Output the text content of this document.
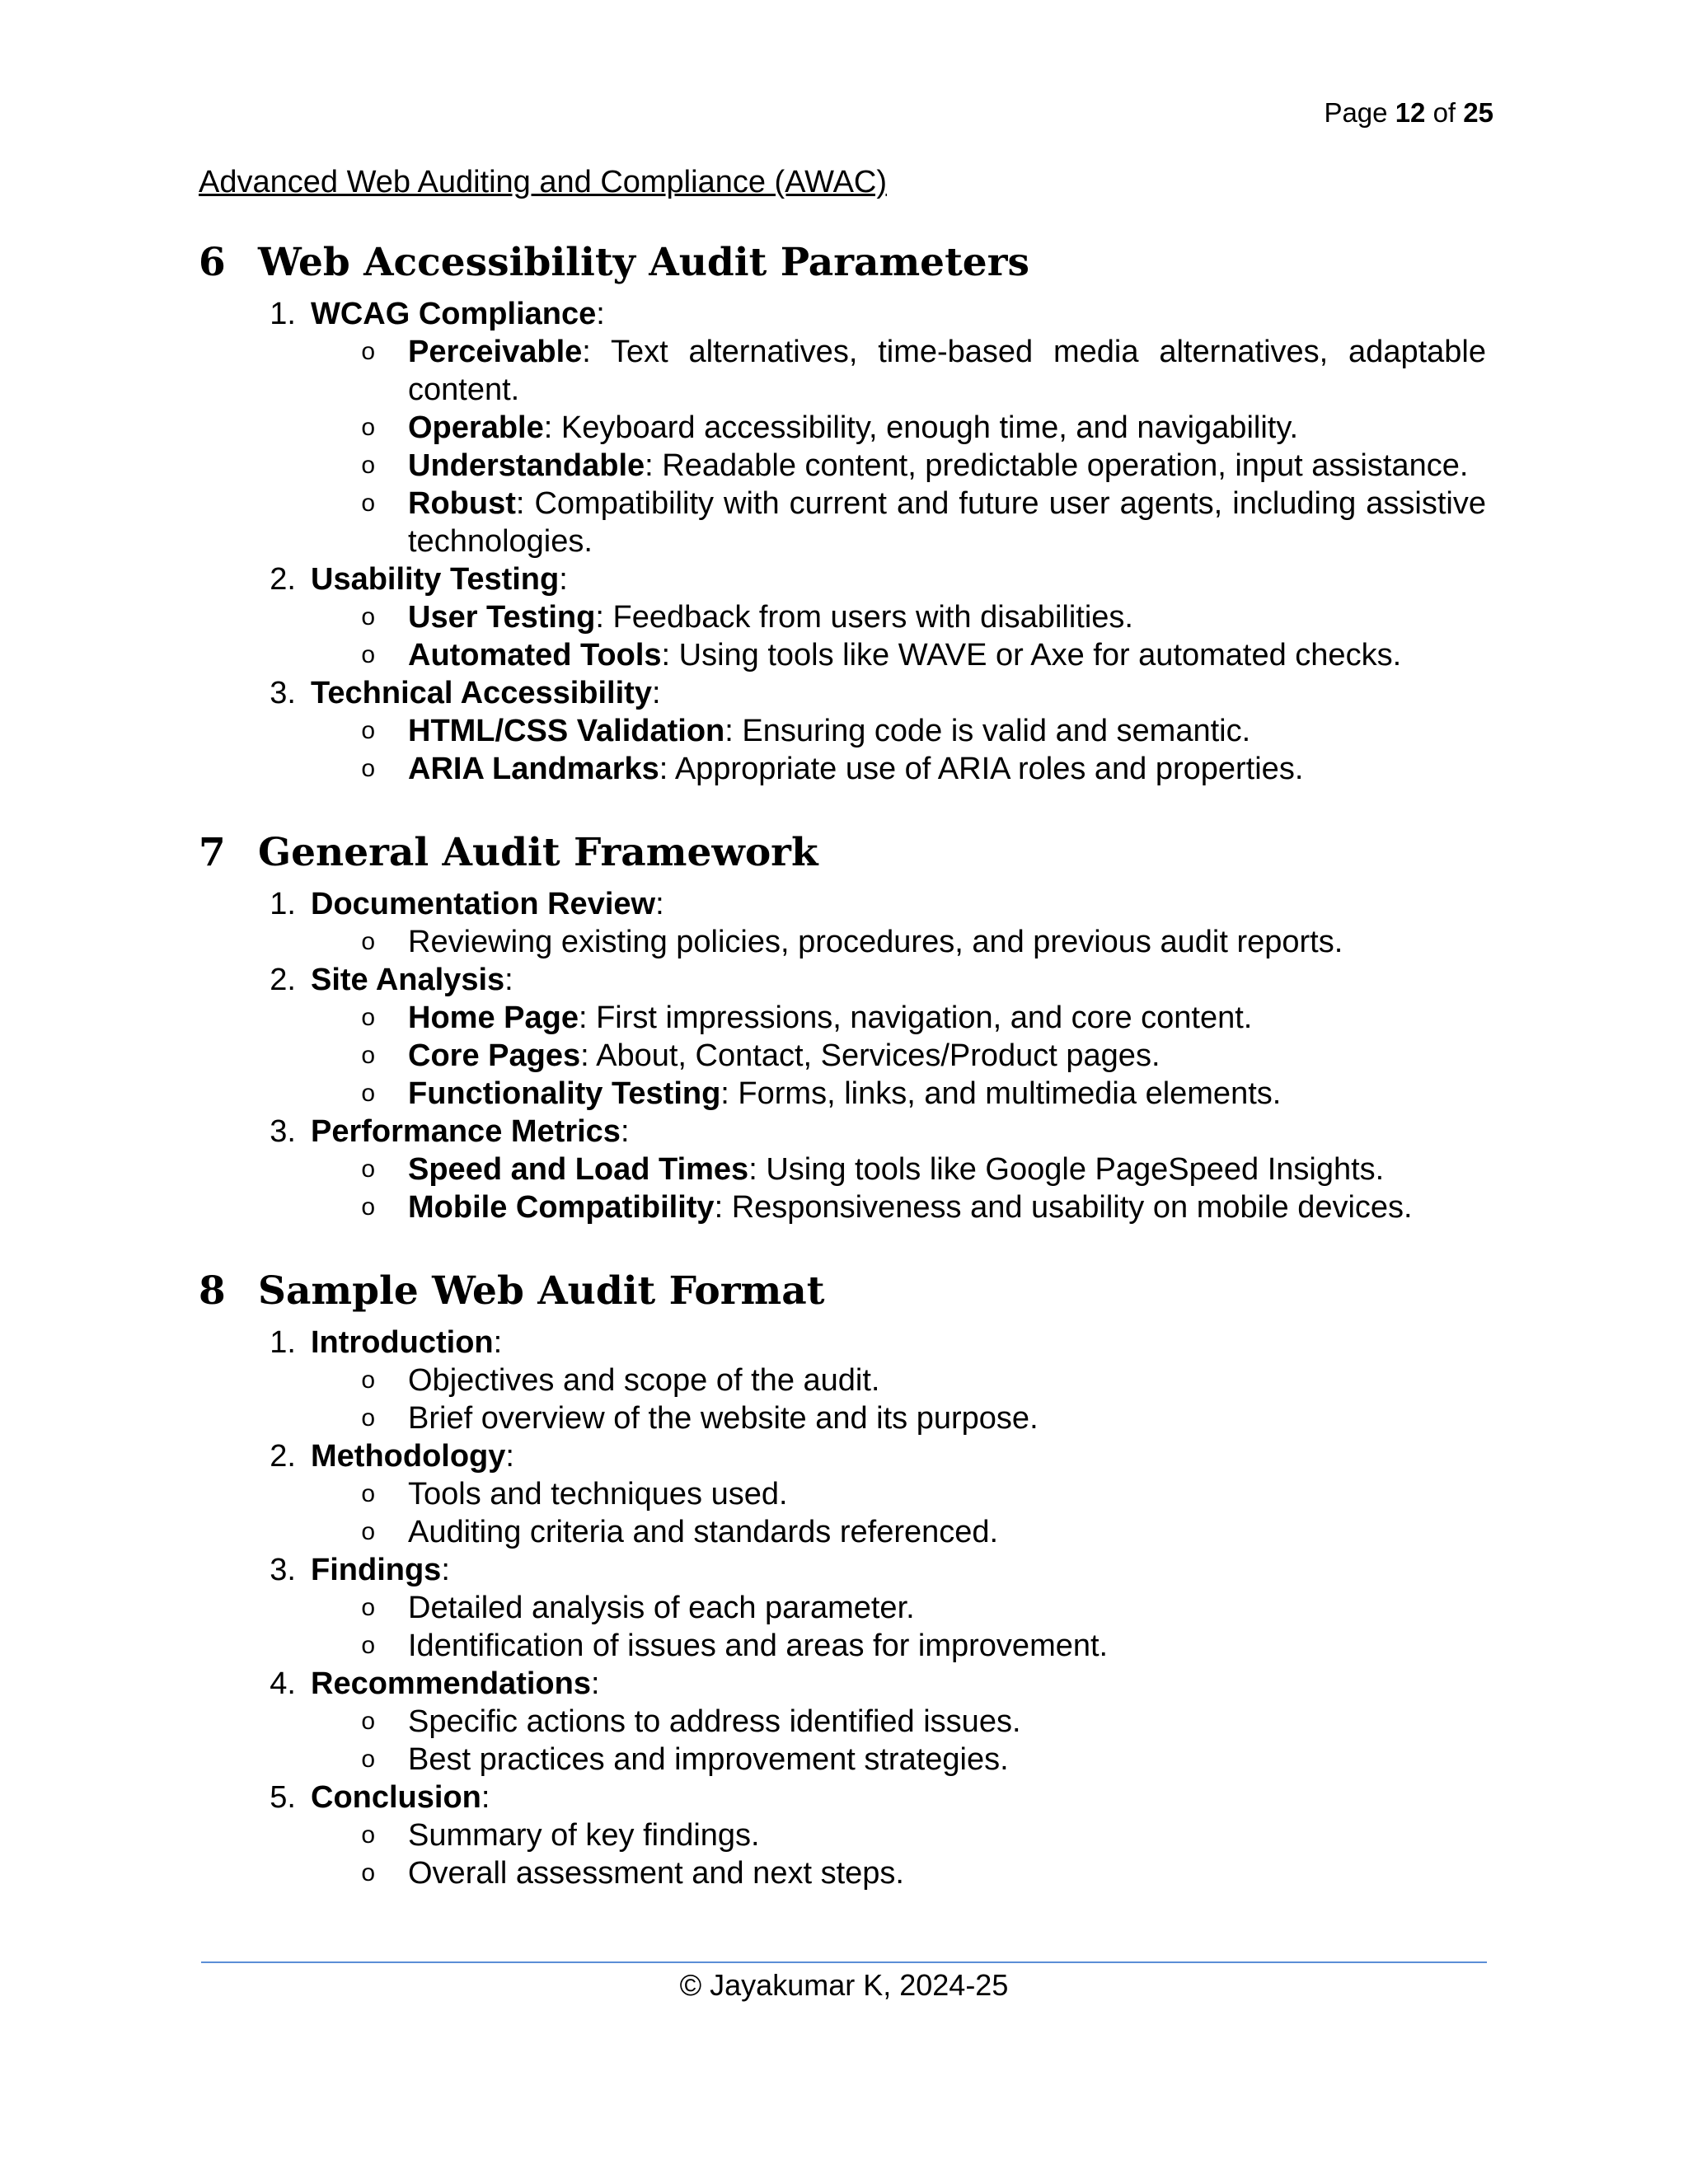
Page 12 of 25
Advanced Web Auditing and Compliance (AWAC)
6 Web Accessibility Audit Parameters
1. WCAG Compliance:
o	Perceivable: Text alternatives, time-based media alternatives, adaptable content.
o	Operable: Keyboard accessibility, enough time, and navigability.
o	Understandable: Readable content, predictable operation, input assistance.
o	Robust: Compatibility with current and future user agents, including assistive technologies.
2. Usability Testing:
o	User Testing: Feedback from users with disabilities.
o	Automated Tools: Using tools like WAVE or Axe for automated checks.
3. Technical Accessibility:
o	HTML/CSS Validation: Ensuring code is valid and semantic.
o	ARIA Landmarks: Appropriate use of ARIA roles and properties.
7 General Audit Framework
1. Documentation Review:
o	Reviewing existing policies, procedures, and previous audit reports.
2. Site Analysis:
o	Home Page: First impressions, navigation, and core content.
o	Core Pages: About, Contact, Services/Product pages.
o	Functionality Testing: Forms, links, and multimedia elements.
3. Performance Metrics:
o	Speed and Load Times: Using tools like Google PageSpeed Insights.
o	Mobile Compatibility: Responsiveness and usability on mobile devices.
8 Sample Web Audit Format
1. Introduction:
o	Objectives and scope of the audit.
o	Brief overview of the website and its purpose.
2. Methodology:
o	Tools and techniques used.
o	Auditing criteria and standards referenced.
3. Findings:
o	Detailed analysis of each parameter.
o	Identification of issues and areas for improvement.
4. Recommendations:
o	Specific actions to address identified issues.
o	Best practices and improvement strategies.
5. Conclusion:
o	Summary of key findings.
o	Overall assessment and next steps.
© Jayakumar K, 2024-25
